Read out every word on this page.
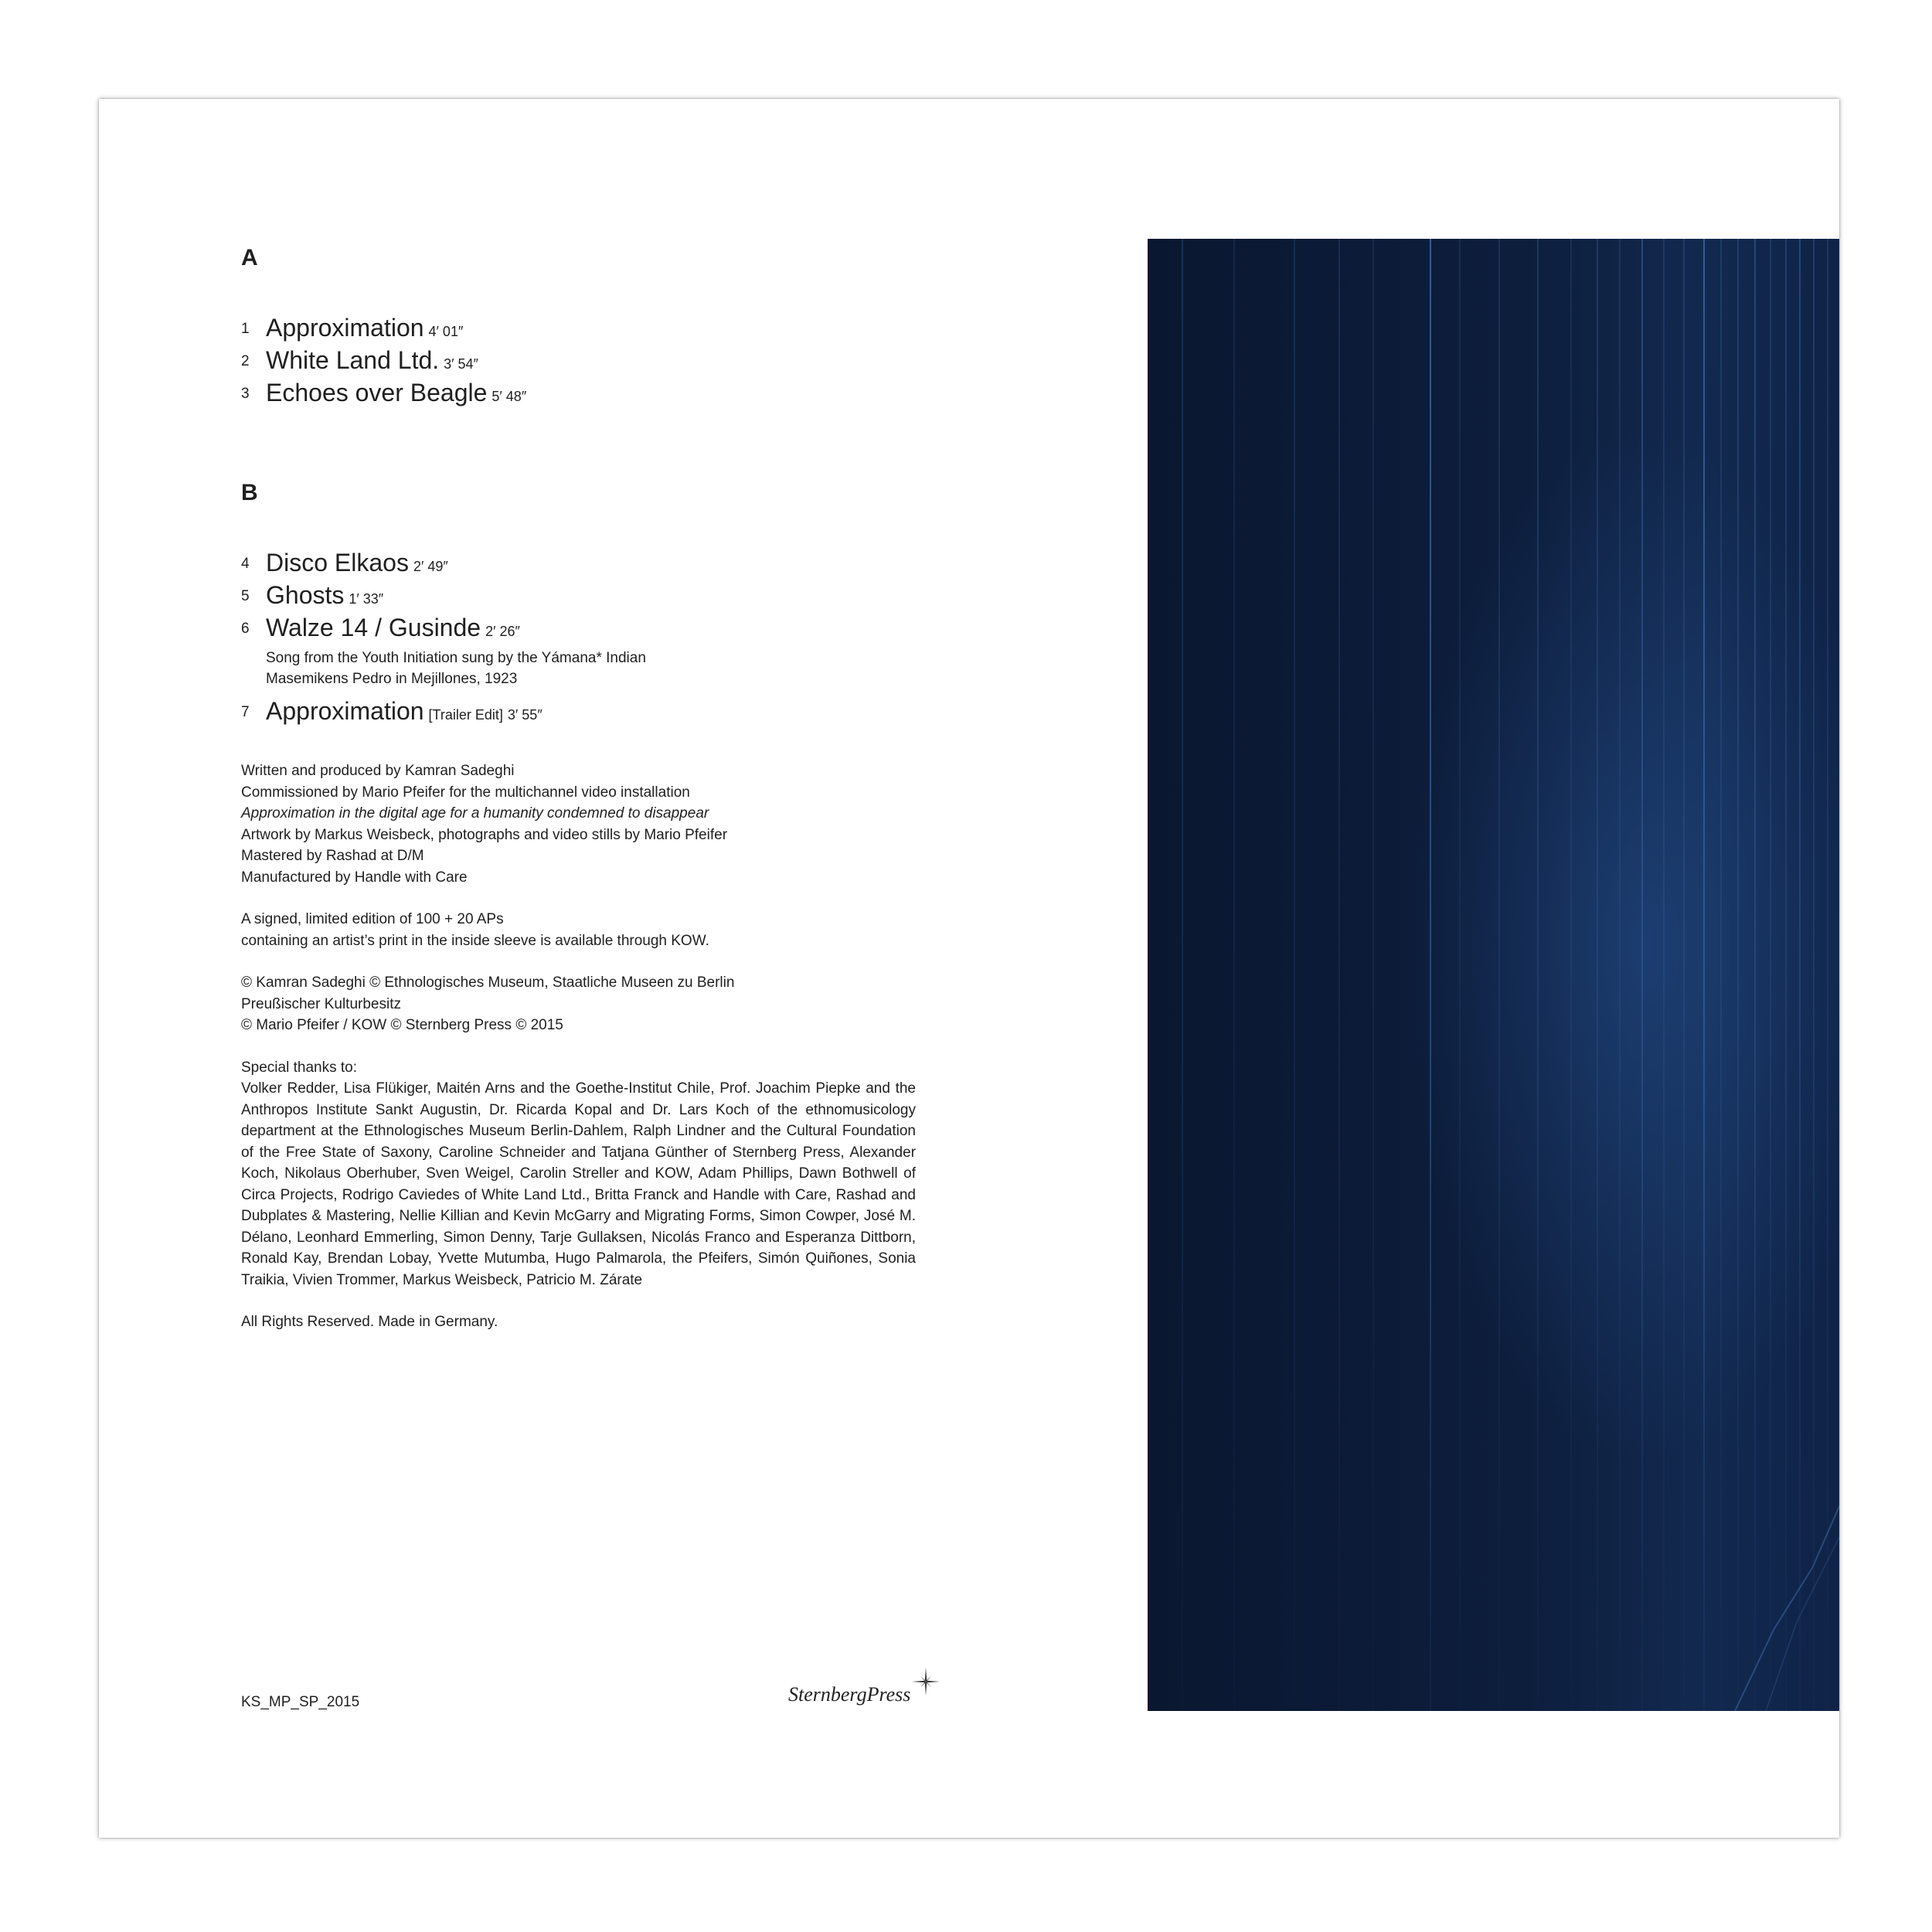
A
1 Approximation 4′ 01″
2 White Land Ltd. 3′ 54″
3 Echoes over Beagle 5′ 48″
B
4 Disco Elkaos 2′ 49″
5 Ghosts 1′ 33″
6 Walze 14 / Gusinde 2′ 26″
Song from the Youth Initiation sung by the Yámana* Indian
Masemikens Pedro in Mejillones, 1923
7 Approximation [Trailer Edit] 3′ 55″

Written and produced by Kamran Sadeghi

Commissioned by Mario Pfeifer for the multichannel video installation

Approximation in the digital age for a humanity condemned to disappear

Artwork by Markus Weisbeck, photographs and video stills by Mario Pfeifer

Mastered by Rashad at D/M

Manufactured by Handle with Care

A signed, limited edition of 100 + 20 APs

containing an artist’s print in the inside sleeve is available through KOW.

© Kamran Sadeghi © Ethnologisches Museum, Staatliche Museen zu Berlin

Preußischer Kulturbesitz

© Mario Pfeifer / KOW © Sternberg Press © 2015

Special thanks to:

Volker Redder, Lisa Flükiger, Maitén Arns and the Goethe-Institut Chile, Prof. Joachim Piepke and the Anthropos Institute Sankt Augustin, Dr. Ricarda Kopal and Dr. Lars Koch of the ethnomusicology department at the Ethnologisches Museum Berlin-Dahlem, Ralph Lindner and the Cultural Foundation of the Free State of Saxony, Caroline Schneider and Tatjana Günther of Sternberg Press, Alexander Koch, Nikolaus Oberhuber, Sven Weigel, Carolin Streller and KOW, Adam Phillips, Dawn Bothwell of Circa Projects, Rodrigo Caviedes of White Land Ltd., Britta Franck and Handle with Care, Rashad and Dubplates & Mastering, Nellie Killian and Kevin McGarry and Migrating Forms, Simon Cowper, José M. Délano, Leonhard Emmerling, Simon Denny, Tarje Gullaksen, Nicolás Franco and Esperanza Dittborn, Ronald Kay, Brendan Lobay, Yvette Mutumba, Hugo Palmarola, the Pfeifers, Simón Quiñones, Sonia Traikia, Vivien Trommer, Markus Weisbeck, Patricio M. Zárate

All Rights Reserved. Made in Germany.

KS_MP_SP_2015	SternbergPress
